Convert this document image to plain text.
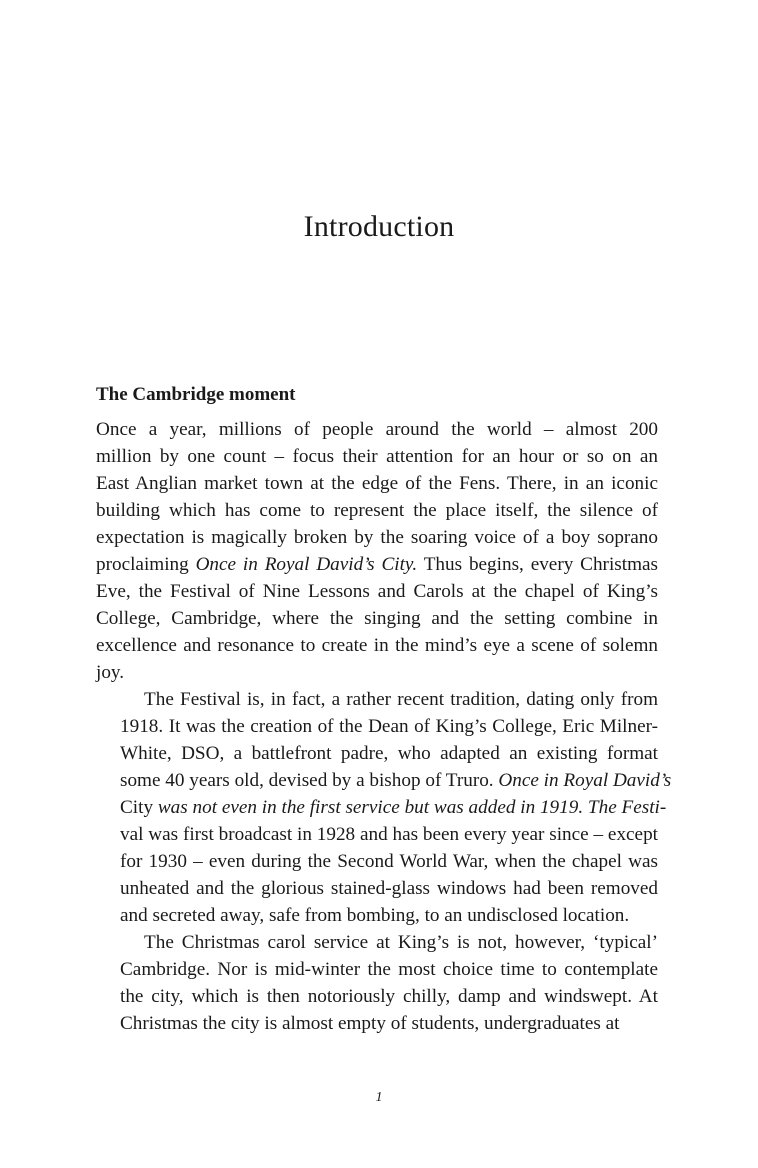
Introduction
The Cambridge moment

Once a year, millions of people around the world – almost 200
million by one count – focus their attention for an hour or so on an
East Anglian market town at the edge of the Fens. There, in an iconic
building which has come to represent the place itself, the silence of
expectation is magically broken by the soaring voice of a boy soprano
proclaiming Once in Royal David’s City. Thus begins, every Christmas
Eve, the Festival of Nine Lessons and Carols at the chapel of King’s
College, Cambridge, where the singing and the setting combine in
excellence and resonance to create in the mind’s eye a scene of solemn
joy.

The Festival is, in fact, a rather recent tradition, dating only from
1918. It was the creation of the Dean of King’s College, Eric Milner-
White, DSO, a battlefront padre, who adapted an existing format
some 40 years old, devised by a bishop of Truro. Once in Royal David’s
City was not even in the first service but was added in 1919. The Festi-
val was first broadcast in 1928 and has been every year since – except
for 1930 – even during the Second World War, when the chapel was
unheated and the glorious stained-glass windows had been removed
and secreted away, safe from bombing, to an undisclosed location.

The Christmas carol service at King’s is not, however, ‘typical’
Cambridge. Nor is mid-winter the most choice time to contemplate
the city, which is then notoriously chilly, damp and windswept. At
Christmas the city is almost empty of students, undergraduates at

1
